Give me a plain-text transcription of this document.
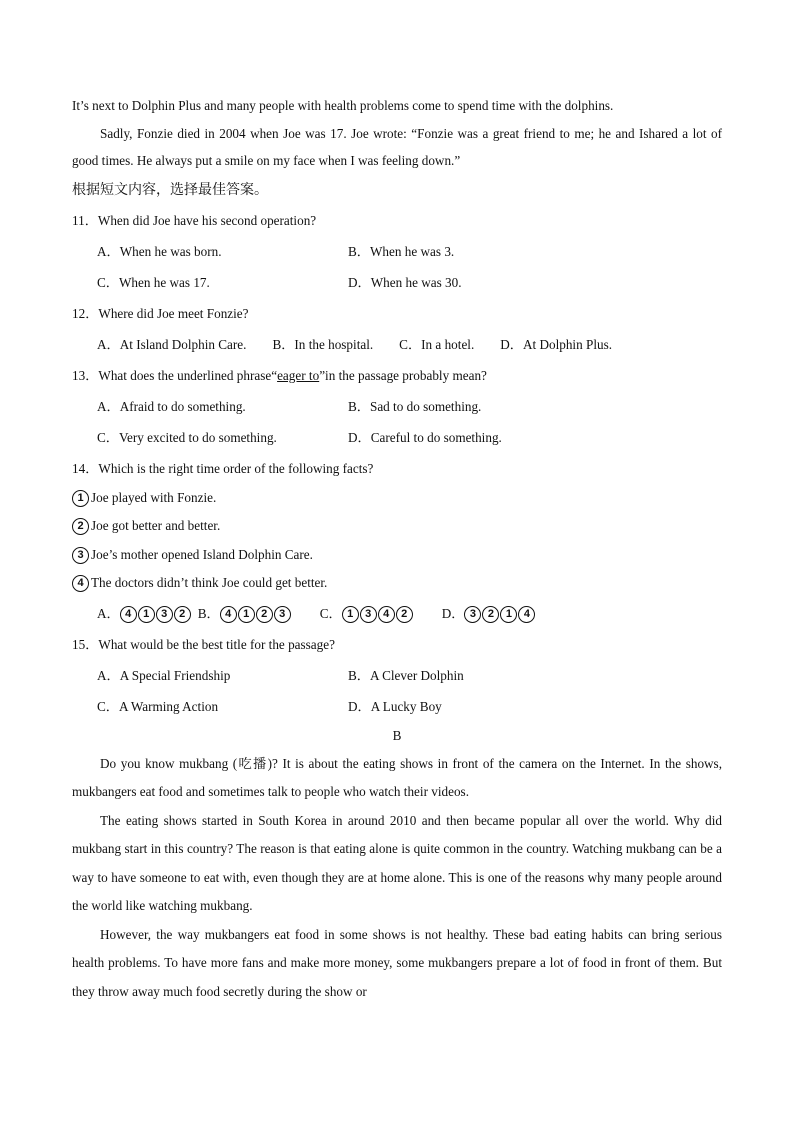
It’s next to Dolphin Plus and many people with health problems come to spend time with the dolphins.

Sadly, Fonzie died in 2004 when Joe was 17. Joe wrote: “Fonzie was a great friend to me; he and Ishared a lot of good times. He always put a smile on my face when I was feeling down.”

根据短文内容，选择最佳答案。

11．When did Joe have his second operation?
A．When he was born.	B．When he was 3.
C．When he was 17.	D．When he was 30.
12．Where did Joe meet Fonzie?
A．At Island Dolphin Care. B．In the hospital. C．In a hotel. D．At Dolphin Plus.
13．What does the underlined phrase“eager to”in the passage probably mean?
A．Afraid to do something.	B．Sad to do something.
C．Very excited to do something.	D．Careful to do something.
14．Which is the right time order of the following facts?
1 Joe played with Fonzie.
2 Joe got better and better.
3 Joe’s mother opened Island Dolphin Care.
4 The doctors didn’t think Joe could get better.
A． 4 1 3 2 B． 4 1 2 3	C． 1 3 4 2	D． 3 2 1 4
15．What would be the best title for the passage?
A．A Special Friendship	B．A Clever Dolphin
C．A Warming Action	D．A Lucky Boy
B

Do you know mukbang (吃播)? It is about the eating shows in front of the camera on the Internet. In the shows, mukbangers eat food and sometimes talk to people who watch their videos.

The eating shows started in South Korea in around 2010 and then became popular all over the world. Why did mukbang start in this country? The reason is that eating alone is quite common in the country. Watching mukbang can be a way to have someone to eat with, even though they are at home alone. This is one of the reasons why many people around the world like watching mukbang.

However, the way mukbangers eat food in some shows is not healthy. These bad eating habits can bring serious health problems. To have more fans and make more money, some mukbangers prepare a lot of food in front of them. But they throw away much food secretly during the show or
